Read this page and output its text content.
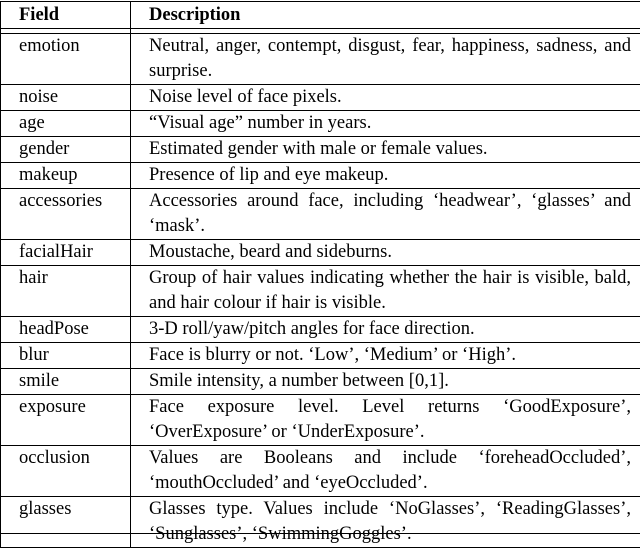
Field	Description

emotion	Neutral, anger, contempt, disgust, fear, happiness, sadness, and surprise.
noise	Noise level of face pixels.
age	“Visual age” number in years.
gender	Estimated gender with male or female values.
makeup	Presence of lip and eye makeup.
accessories	Accessories around face, including ‘headwear’, ‘glasses’ and ‘mask’.
facialHair	Moustache, beard and sideburns.
hair	Group of hair values indicating whether the hair is visible, bald, and hair colour if hair is visible.
headPose	3-D roll/yaw/pitch angles for face direction.
blur	Face is blurry or not. ‘Low’, ‘Medium’ or ‘High’.
smile	Smile intensity, a number between [0,1].
exposure	Face exposure level. Level returns ‘GoodExposure’, ‘OverExposure’ or ‘UnderExposure’.
occlusion	Values are Booleans and include ‘foreheadOccluded’, ‘mouthOccluded’ and ‘eyeOccluded’.
glasses	Glasses type. Values include ‘NoGlasses’, ‘ReadingGlasses’, ‘Sunglasses’, ‘SwimmingGoggles’.
